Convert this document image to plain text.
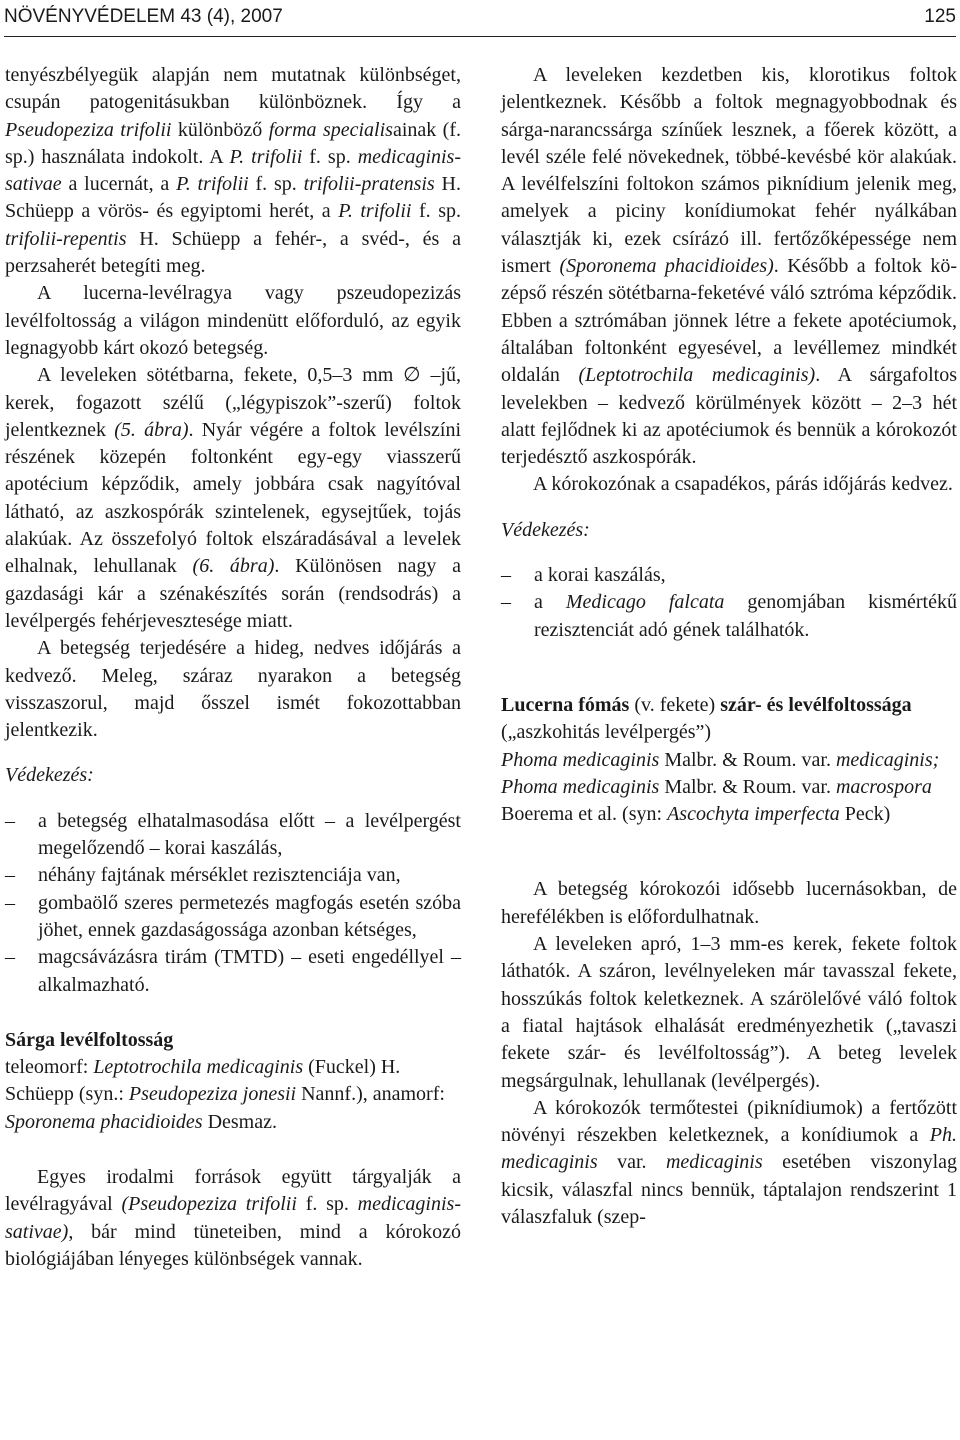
NÖVÉNYVÉDELEM 43 (4), 2007	125

tenyészbélyegük alapján nem mutatnak különbséget, csupán patogenitásukban különböznek. Így a Pseudopeziza trifolii különböző forma specialisainak (f. sp.) használata indokolt. A P. trifolii f. sp. medicaginis-sativae a lucernát, a P. trifolii f. sp. trifolii-pratensis H. Schüepp a vörös- és egyiptomi herét, a P. trifolii f. sp. trifolii-repentis H. Schüepp a fehér-, a svéd-, és a perzsaherét betegíti meg.

A lucerna-levélragya vagy pszeudopezizás levélfoltosság a világon mindenütt előforduló, az egyik legnagyobb kárt okozó betegség.

A leveleken sötétbarna, fekete, 0,5–3 mm ∅ –jű, kerek, fogazott szélű („légypiszok”-szerű) foltok jelentkeznek (5. ábra). Nyár végére a foltok levélszíni részének közepén foltonként egy-egy viasszerű apotécium képződik, amely jobbára csak nagyítóval látható, az aszkospórák szintelenek, egysejtűek, tojás alakúak. Az összefolyó foltok elszáradásával a levelek elhalnak, lehullanak (6. ábra). Különösen nagy a gazdasági kár a szénakészítés során (rendsodrás) a levélpergés fehérjevesztesége miatt.

A betegség terjedésére a hideg, nedves időjárás a kedvező. Meleg, száraz nyarakon a betegség visszaszorul, majd ősszel ismét fokozottabban jelentkezik.

Védekezés:

– a betegség elhatalmasodása előtt – a levélpergést megelőzendő – korai kaszálás,
– néhány fajtának mérséklet rezisztenciája van,
– gombaölő szeres permetezés magfogás esetén szóba jöhet, ennek gazdaságossága azonban kétséges,
– magcsávázásra tirám (TMTD) – eseti engedéllyel –alkalmazható.

Sárga levélfoltosság

teleomorf: Leptotrochila medicaginis (Fuckel) H. Schüepp (syn.: Pseudopeziza jonesii Nannf.), anamorf: Sporonema phacidioides Desmaz.

Egyes irodalmi források együtt tárgyalják a levélragyával (Pseudopeziza trifolii f. sp. medicaginis-sativae), bár mind tüneteiben, mind a kórokozó biológiájában lényeges különbségek vannak.

A leveleken kezdetben kis, klorotikus foltok jelentkeznek. Később a foltok megnagyobbodnak és sárga-narancssárga színűek lesznek, a főerek között, a levél széle felé növekednek, többé-kevésbé kör alakúak. A levélfelszíni foltokon számos piknídium jelenik meg, amelyek a piciny konídiumokat fehér nyálkában választják ki, ezek csírázó ill. fertőzőképessége nem ismert (Sporonema phacidioides). Később a foltok középső részén sötétbarna-feketévé váló sztróma képződik. Ebben a sztrómában jönnek létre a fekete apotéciumok, általában foltonként egyesével, a levéllemez mindkét oldalán (Leptotrochila medicaginis). A sárgafoltos levelekben – kedvező körülmények között – 2–3 hét alatt fejlődnek ki az apotéciumok és bennük a kórokozót terjedésztő aszkospórák.

A kórokozónak a csapadékos, párás időjárás kedvez.

Védekezés:

– a korai kaszálás,
– a Medicago falcata genomjában kismértékű rezisztenciát adó gének találhatók.

Lucerna fómás (v. fekete) szár- és levélfoltossága („aszkohitás levélpergés”)

Phoma medicaginis Malbr. & Roum. var. medicaginis;
Phoma medicaginis Malbr. & Roum. var. macrospora Boerema et al. (syn: Ascochyta imperfecta Peck)

A betegség kórokozói idősebb lucernásokban, de herefélékben is előfordulhatnak.

A leveleken apró, 1–3 mm-es kerek, fekete foltok láthatók. A száron, levélnyeleken már tavasszal fekete, hosszúkás foltok keletkeznek. A szárölelővé váló foltok a fiatal hajtások elhalását eredményezhetik („tavaszi fekete szár- és levélfoltosság”). A beteg levelek megsárgulnak, lehullanak (levélpergés).

A kórokozók termőtestei (piknídiumok) a fertőzött növényi részekben keletkeznek, a konídiumok a Ph. medicaginis var. medicaginis esetében viszonylag kicsik, válaszfal nincs bennük, táptalajon rendszerint 1 válaszfaluk (szep-
